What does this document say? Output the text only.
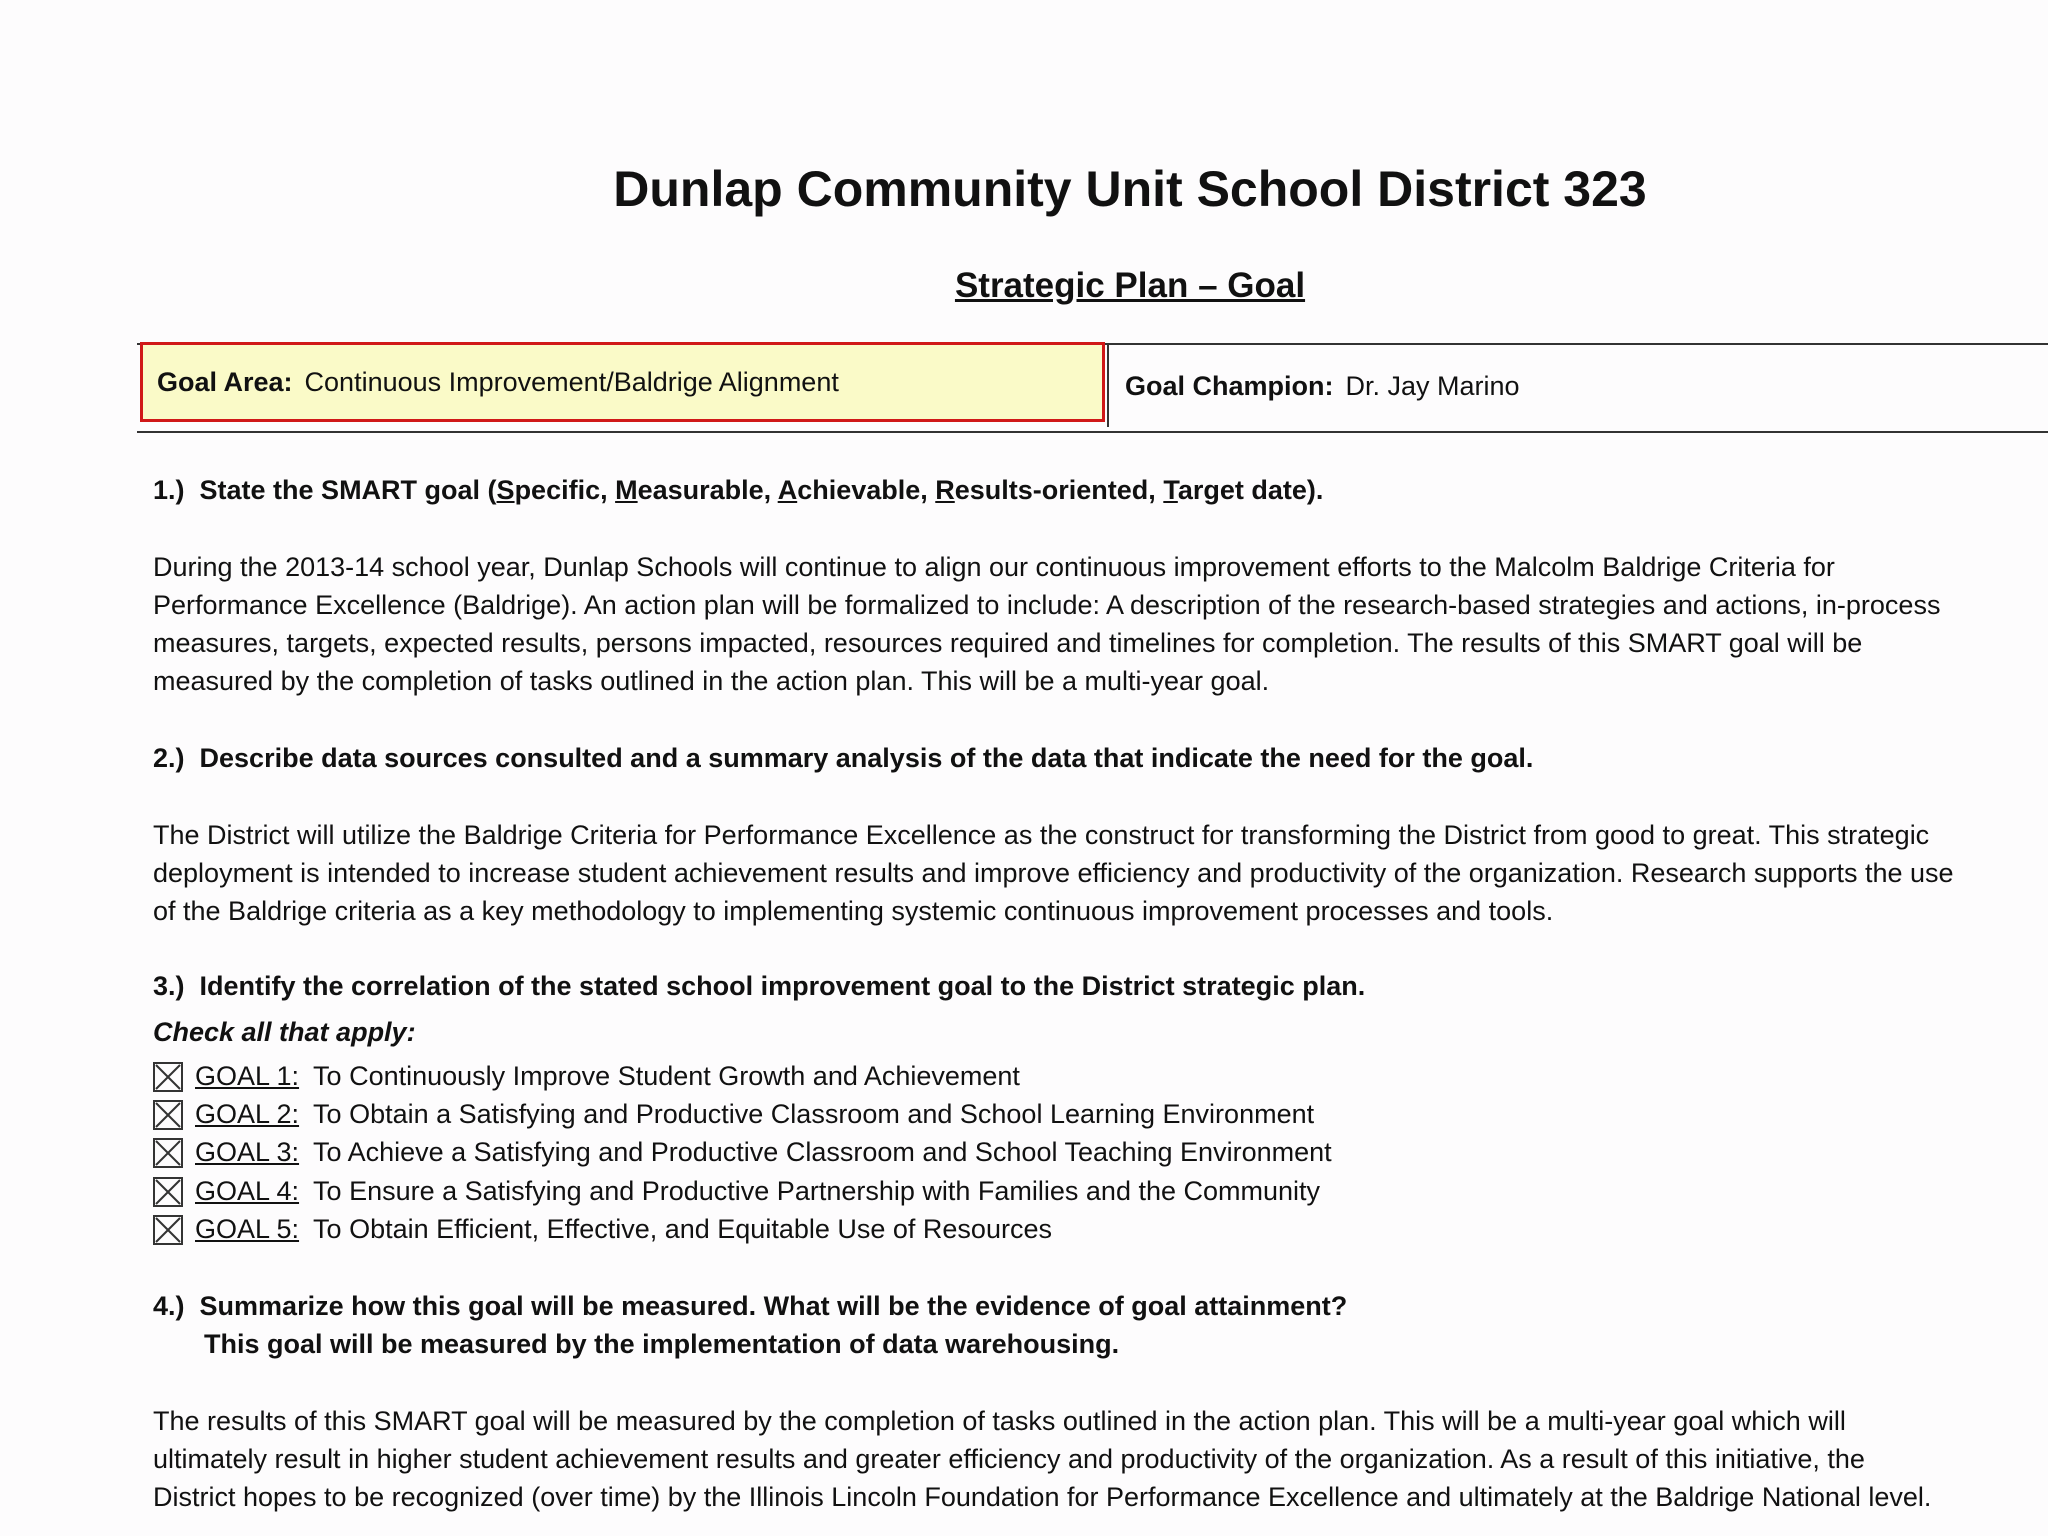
Dunlap Community Unit School District 323
Strategic Plan – Goal
Goal Area: Continuous Improvement/Baldrige Alignment	Goal Champion: Dr. Jay Marino
1.) State the SMART goal (Specific, Measurable, Achievable, Results-oriented, Target date).
During the 2013-14 school year, Dunlap Schools will continue to align our continuous improvement efforts to the Malcolm Baldrige Criteria for
Performance Excellence (Baldrige). An action plan will be formalized to include: A description of the research-based strategies and actions, in-process
measures, targets, expected results, persons impacted, resources required and timelines for completion. The results of this SMART goal will be
measured by the completion of tasks outlined in the action plan. This will be a multi-year goal.
2.) Describe data sources consulted and a summary analysis of the data that indicate the need for the goal.
The District will utilize the Baldrige Criteria for Performance Excellence as the construct for transforming the District from good to great. This strategic
deployment is intended to increase student achievement results and improve efficiency and productivity of the organization. Research supports the use
of the Baldrige criteria as a key methodology to implementing systemic continuous improvement processes and tools.
3.) Identify the correlation of the stated school improvement goal to the District strategic plan.
Check all that apply:
GOAL 1: To Continuously Improve Student Growth and Achievement
GOAL 2: To Obtain a Satisfying and Productive Classroom and School Learning Environment
GOAL 3: To Achieve a Satisfying and Productive Classroom and School Teaching Environment
GOAL 4: To Ensure a Satisfying and Productive Partnership with Families and the Community
GOAL 5: To Obtain Efficient, Effective, and Equitable Use of Resources
4.) Summarize how this goal will be measured. What will be the evidence of goal attainment?
This goal will be measured by the implementation of data warehousing.
The results of this SMART goal will be measured by the completion of tasks outlined in the action plan. This will be a multi-year goal which will
ultimately result in higher student achievement results and greater efficiency and productivity of the organization. As a result of this initiative, the
District hopes to be recognized (over time) by the Illinois Lincoln Foundation for Performance Excellence and ultimately at the Baldrige National level.
